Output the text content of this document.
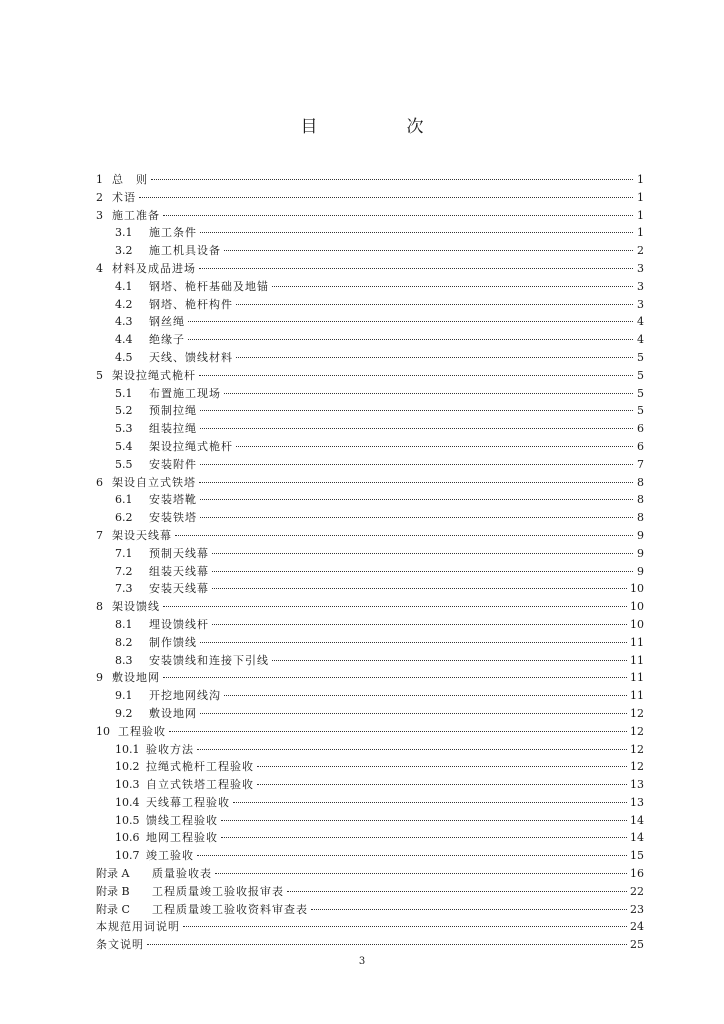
目　次
1 总　则	1
2 术语	1
3 施工准备	1
3.1	施工条件	1
3.2	施工机具设备	2
4 材料及成品进场	3
4.1	钢塔、桅杆基础及地锚	3
4.2	钢塔、桅杆构件	3
4.3	钢丝绳	4
4.4	绝缘子	4
4.5	天线、馈线材料	5
5 架设拉绳式桅杆	5
5.1	布置施工现场	5
5.2	预制拉绳	5
5.3	组装拉绳	6
5.4	架设拉绳式桅杆	6
5.5	安装附件	7
6 架设自立式铁塔	8
6.1	安装塔靴	8
6.2	安装铁塔	8
7 架设天线幕	9
7.1	预制天线幕	9
7.2	组装天线幕	9
7.3	安装天线幕	10
8 架设馈线	10
8.1	埋设馈线杆	10
8.2	制作馈线	11
8.3	安装馈线和连接下引线	11
9 敷设地网	11
9.1	开挖地网线沟	11
9.2	敷设地网	12
10 工程验收	12
10.1 验收方法	12
10.2 拉绳式桅杆工程验收	12
10.3 自立式铁塔工程验收	13
10.4 天线幕工程验收	13
10.5 馈线工程验收	14
10.6 地网工程验收	14
10.7 竣工验收	15
附录 A	质量验收表	16
附录 B	工程质量竣工验收报审表	22
附录 C	工程质量竣工验收资料审查表	23
本规范用词说明	24
条文说明	25
3
